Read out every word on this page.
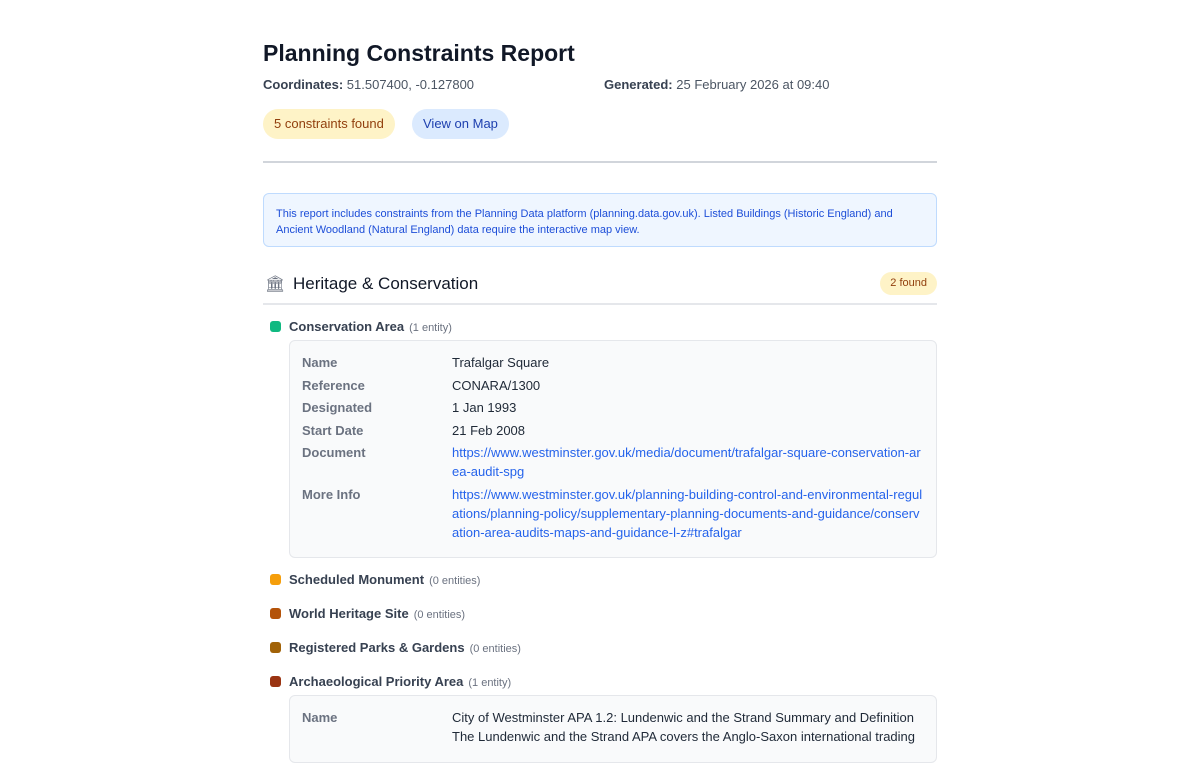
Planning Constraints Report
Coordinates: 51.507400, -0.127800	Generated: 25 February 2026 at 09:40
5 constraints found	View on Map
This report includes constraints from the Planning Data platform (planning.data.gov.uk). Listed Buildings (Historic England) and Ancient Woodland (Natural England) data require the interactive map view.
🏛 Heritage & Conservation	2 found
Conservation Area (1 entity)
Name	Trafalgar Square
Reference	CONARA/1300
Designated	1 Jan 1993
Start Date	21 Feb 2008
Document	https://www.westminster.gov.uk/media/document/trafalgar-square-conservation-area-audit-spg
More Info	https://www.westminster.gov.uk/planning-building-control-and-environmental-regulations/planning-policy/supplementary-planning-documents-and-guidance/conservation-area-audits-maps-and-guidance-l-z#trafalgar
Scheduled Monument (0 entities)
World Heritage Site (0 entities)
Registered Parks & Gardens (0 entities)
Archaeological Priority Area (1 entity)
Name	City of Westminster APA 1.2: Lundenwic and the Strand Summary and Definition The Lundenwic and the Strand APA covers the Anglo-Saxon international trading
